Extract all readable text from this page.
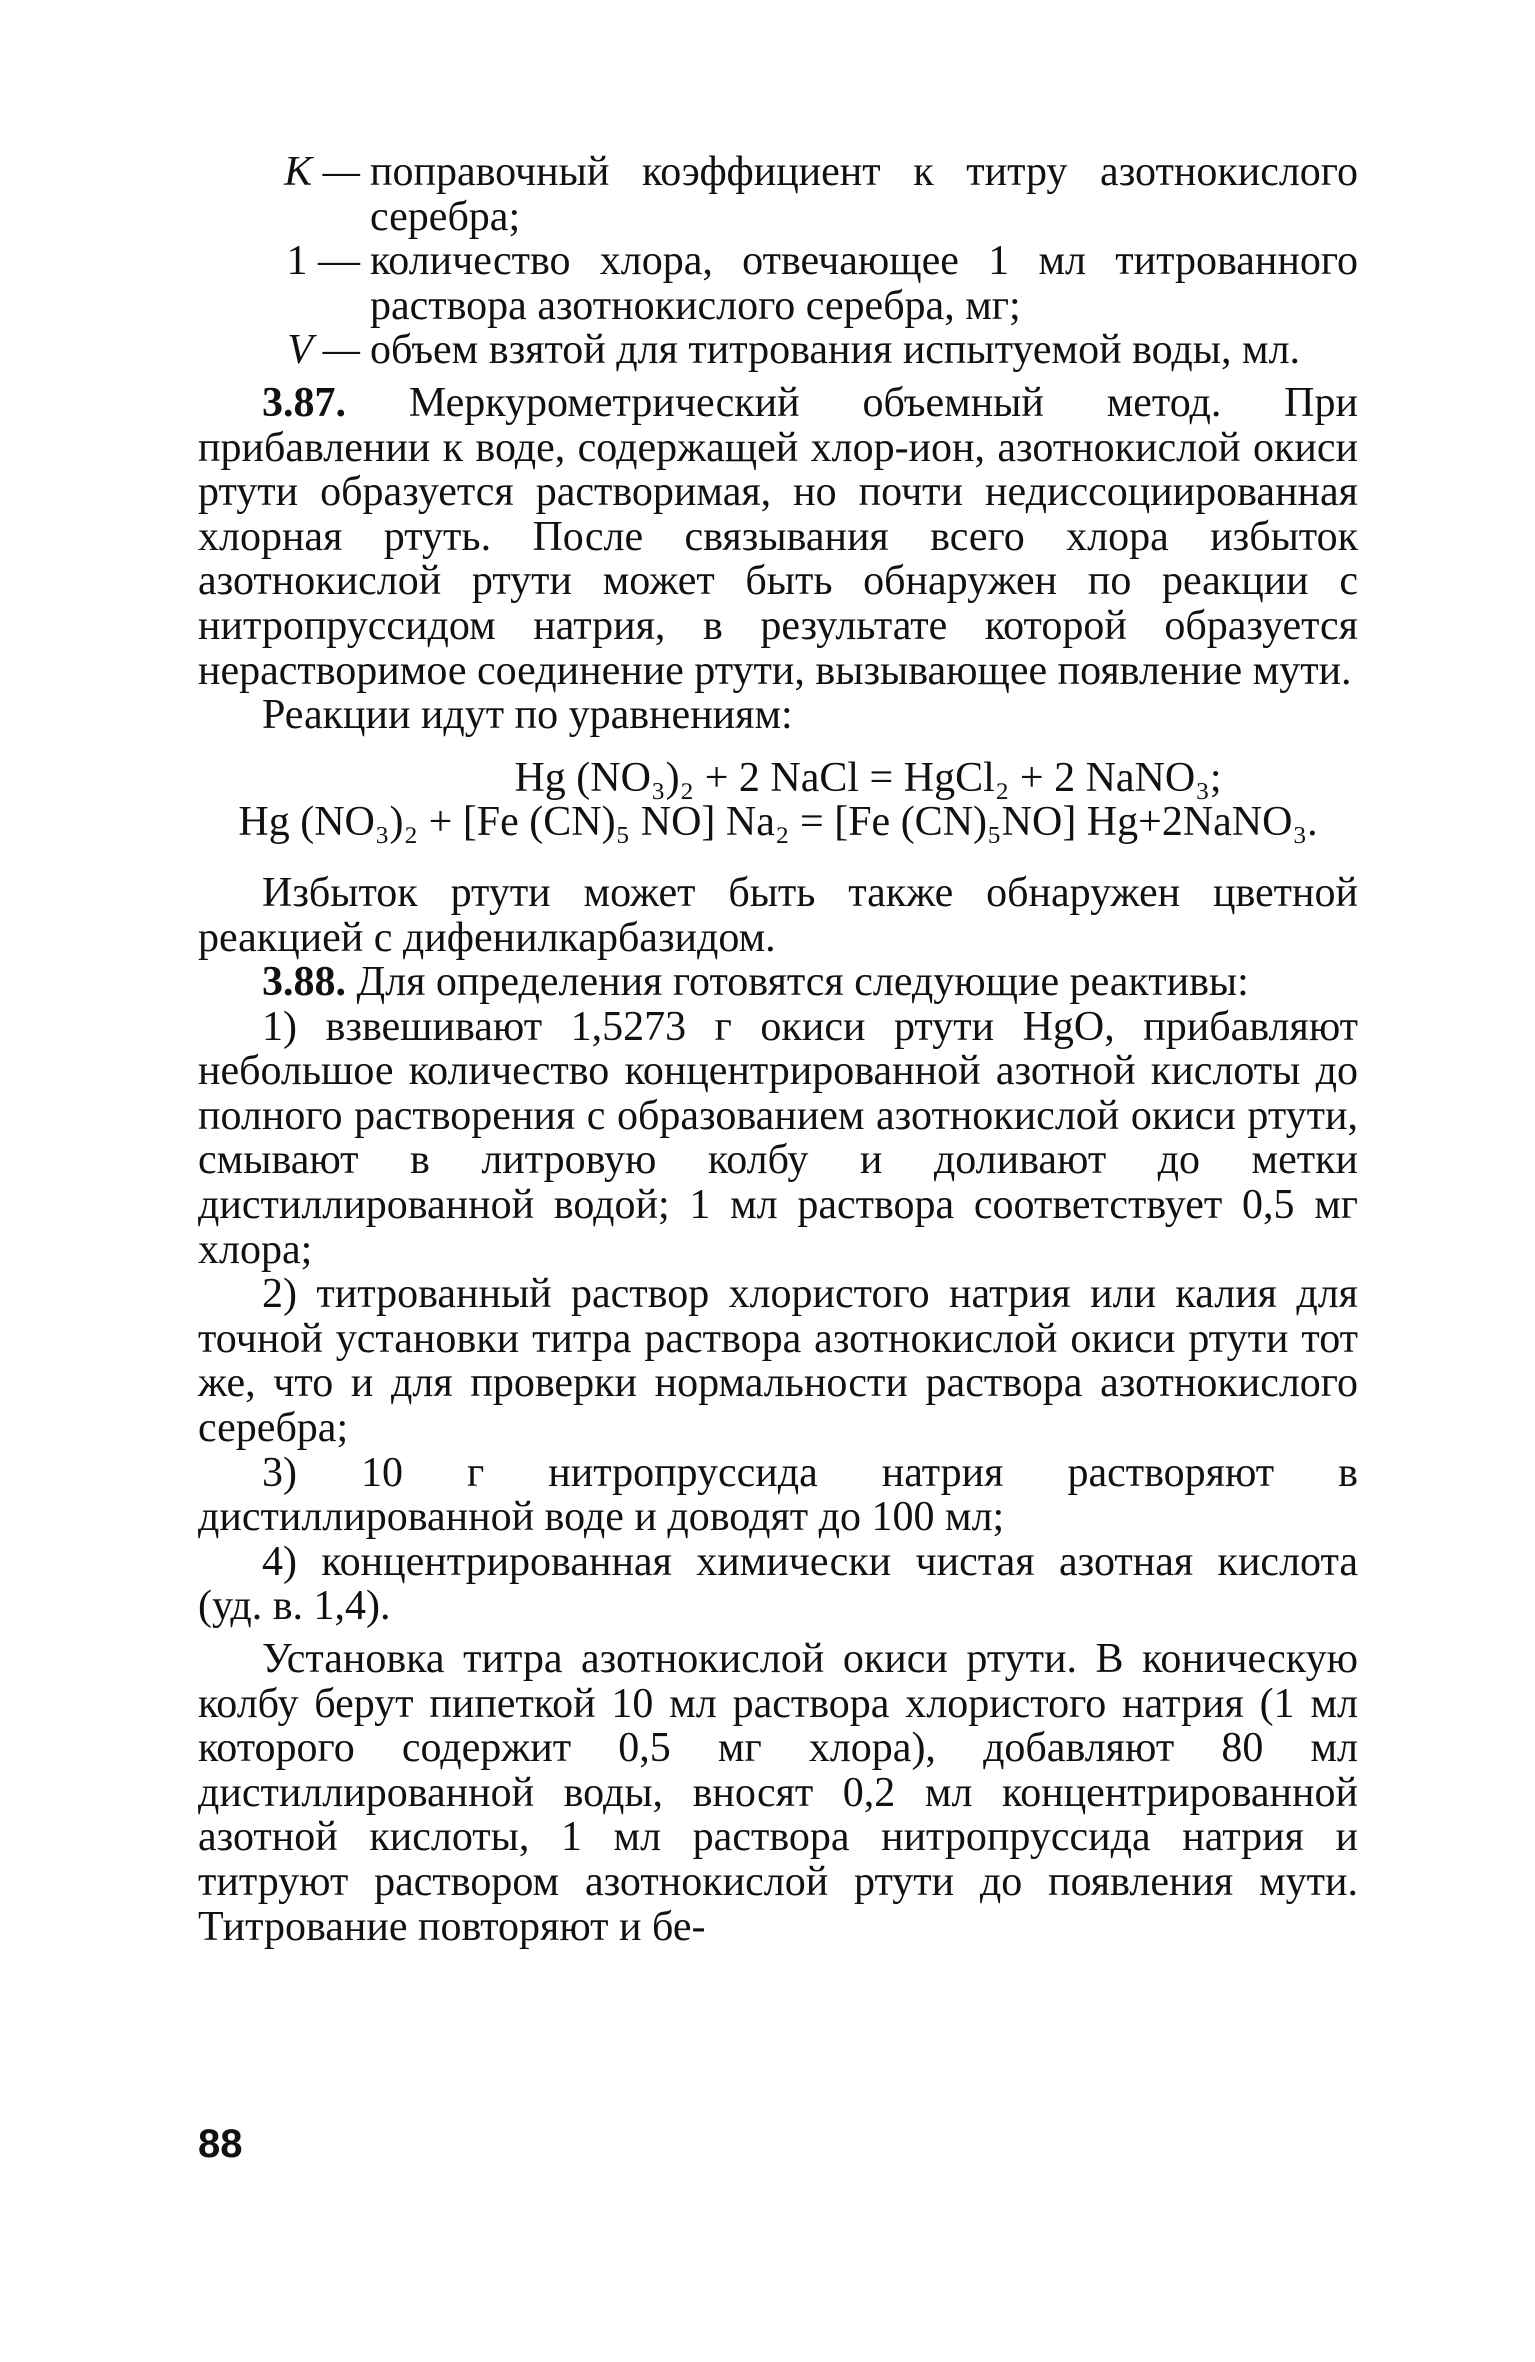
K — поправочный коэффициент к титру азотнокислого серебра;
1 — количество хлора, отвечающее 1 мл титрованного раствора азотнокислого серебра, мг;
V — объем взятой для титрования испытуемой воды, мл.

3.87. Меркурометрический объемный метод. При прибавлении к воде, содержащей хлор-ион, азотнокислой окиси ртути образуется растворимая, но почти недиссоциированная хлорная ртуть. После связывания всего хлора избыток азотнокислой ртути может быть обнаружен по реакции с нитропруссидом натрия, в результате которой образуется нерастворимое соединение ртути, вызывающее появление мути.

Реакции идут по уравнениям:

Hg (NO₃)₂ + 2 NaCl = HgCl₂ + 2 NaNO₃;

Hg (NO₃)₂ + [Fe (CN)₅ NO] Na₂ = [Fe (CN)₅NO] Hg+2NaNO₃.

Избыток ртути может быть также обнаружен цветной реакцией с дифенилкарбазидом.

3.88. Для определения готовятся следующие реактивы:

1) взвешивают 1,5273 г окиси ртути HgO, прибавляют небольшое количество концентрированной азотной кислоты до полного растворения с образованием азотнокислой окиси ртути, смывают в литровую колбу и доливают до метки дистиллированной водой; 1 мл раствора соответствует 0,5 мг хлора;

2) титрованный раствор хлористого натрия или калия для точной установки титра раствора азотнокислой окиси ртути тот же, что и для проверки нормальности раствора азотнокислого серебра;

3) 10 г нитропруссида натрия растворяют в дистиллированной воде и доводят до 100 мл;

4) концентрированная химически чистая азотная кислота (уд. в. 1,4).

Установка титра азотнокислой окиси ртути. В коническую колбу берут пипеткой 10 мл раствора хлористого натрия (1 мл которого содержит 0,5 мг хлора), добавляют 80 мл дистиллированной воды, вносят 0,2 мл концентрированной азотной кислоты, 1 мл раствора нитропруссида натрия и титруют раствором азотнокислой ртути до появления мути. Титрование повторяют и бе-

88
